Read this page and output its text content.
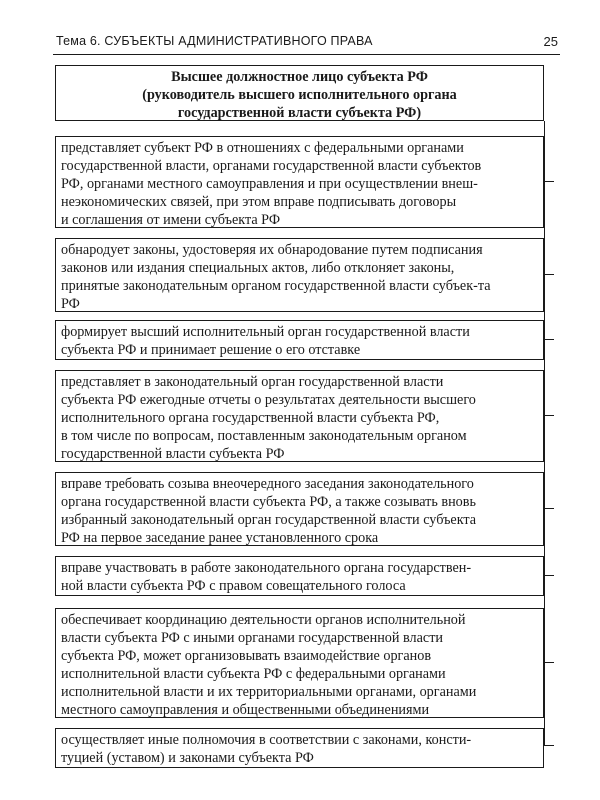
Тема 6. СУБЪЕКТЫ АДМИНИСТРАТИВНОГО ПРАВА	25
Высшее должностное лицо субъекта РФ
(руководитель высшего исполнительного органа
государственной власти субъекта РФ)
представляет субъект РФ в отношениях с федеральными органами
государственной власти, органами государственной власти субъектов
РФ, органами местного самоуправления и при осуществлении внеш-
неэкономических связей, при этом вправе подписывать договоры
и соглашения от имени субъекта РФ
обнародует законы, удостоверяя их обнародование путем подписания
законов или издания специальных актов, либо отклоняет законы,
принятые законодательным органом государственной власти субъек-та
РФ
формирует высший исполнительный орган государственной власти
субъекта РФ и принимает решение о его отставке
представляет в законодательный орган государственной власти
субъекта РФ ежегодные отчеты о результатах деятельности высшего
исполнительного органа государственной власти субъекта РФ,
в том числе по вопросам, поставленным законодательным органом
государственной власти субъекта РФ
вправе требовать созыва внеочередного заседания законодательного
органа государственной власти субъекта РФ, а также созывать вновь
избранный законодательный орган государственной власти субъекта
РФ на первое заседание ранее установленного срока
вправе участвовать в работе законодательного органа государствен-
ной власти субъекта РФ с правом совещательного голоса
обеспечивает координацию деятельности органов исполнительной
власти субъекта РФ с иными органами государственной власти
субъекта РФ, может организовывать взаимодействие органов
исполнительной власти субъекта РФ с федеральными органами
исполнительной власти и их территориальными органами, органами
местного самоуправления и общественными объединениями
осуществляет иные полномочия в соответствии с законами, консти-
туцией (уставом) и законами субъекта РФ
